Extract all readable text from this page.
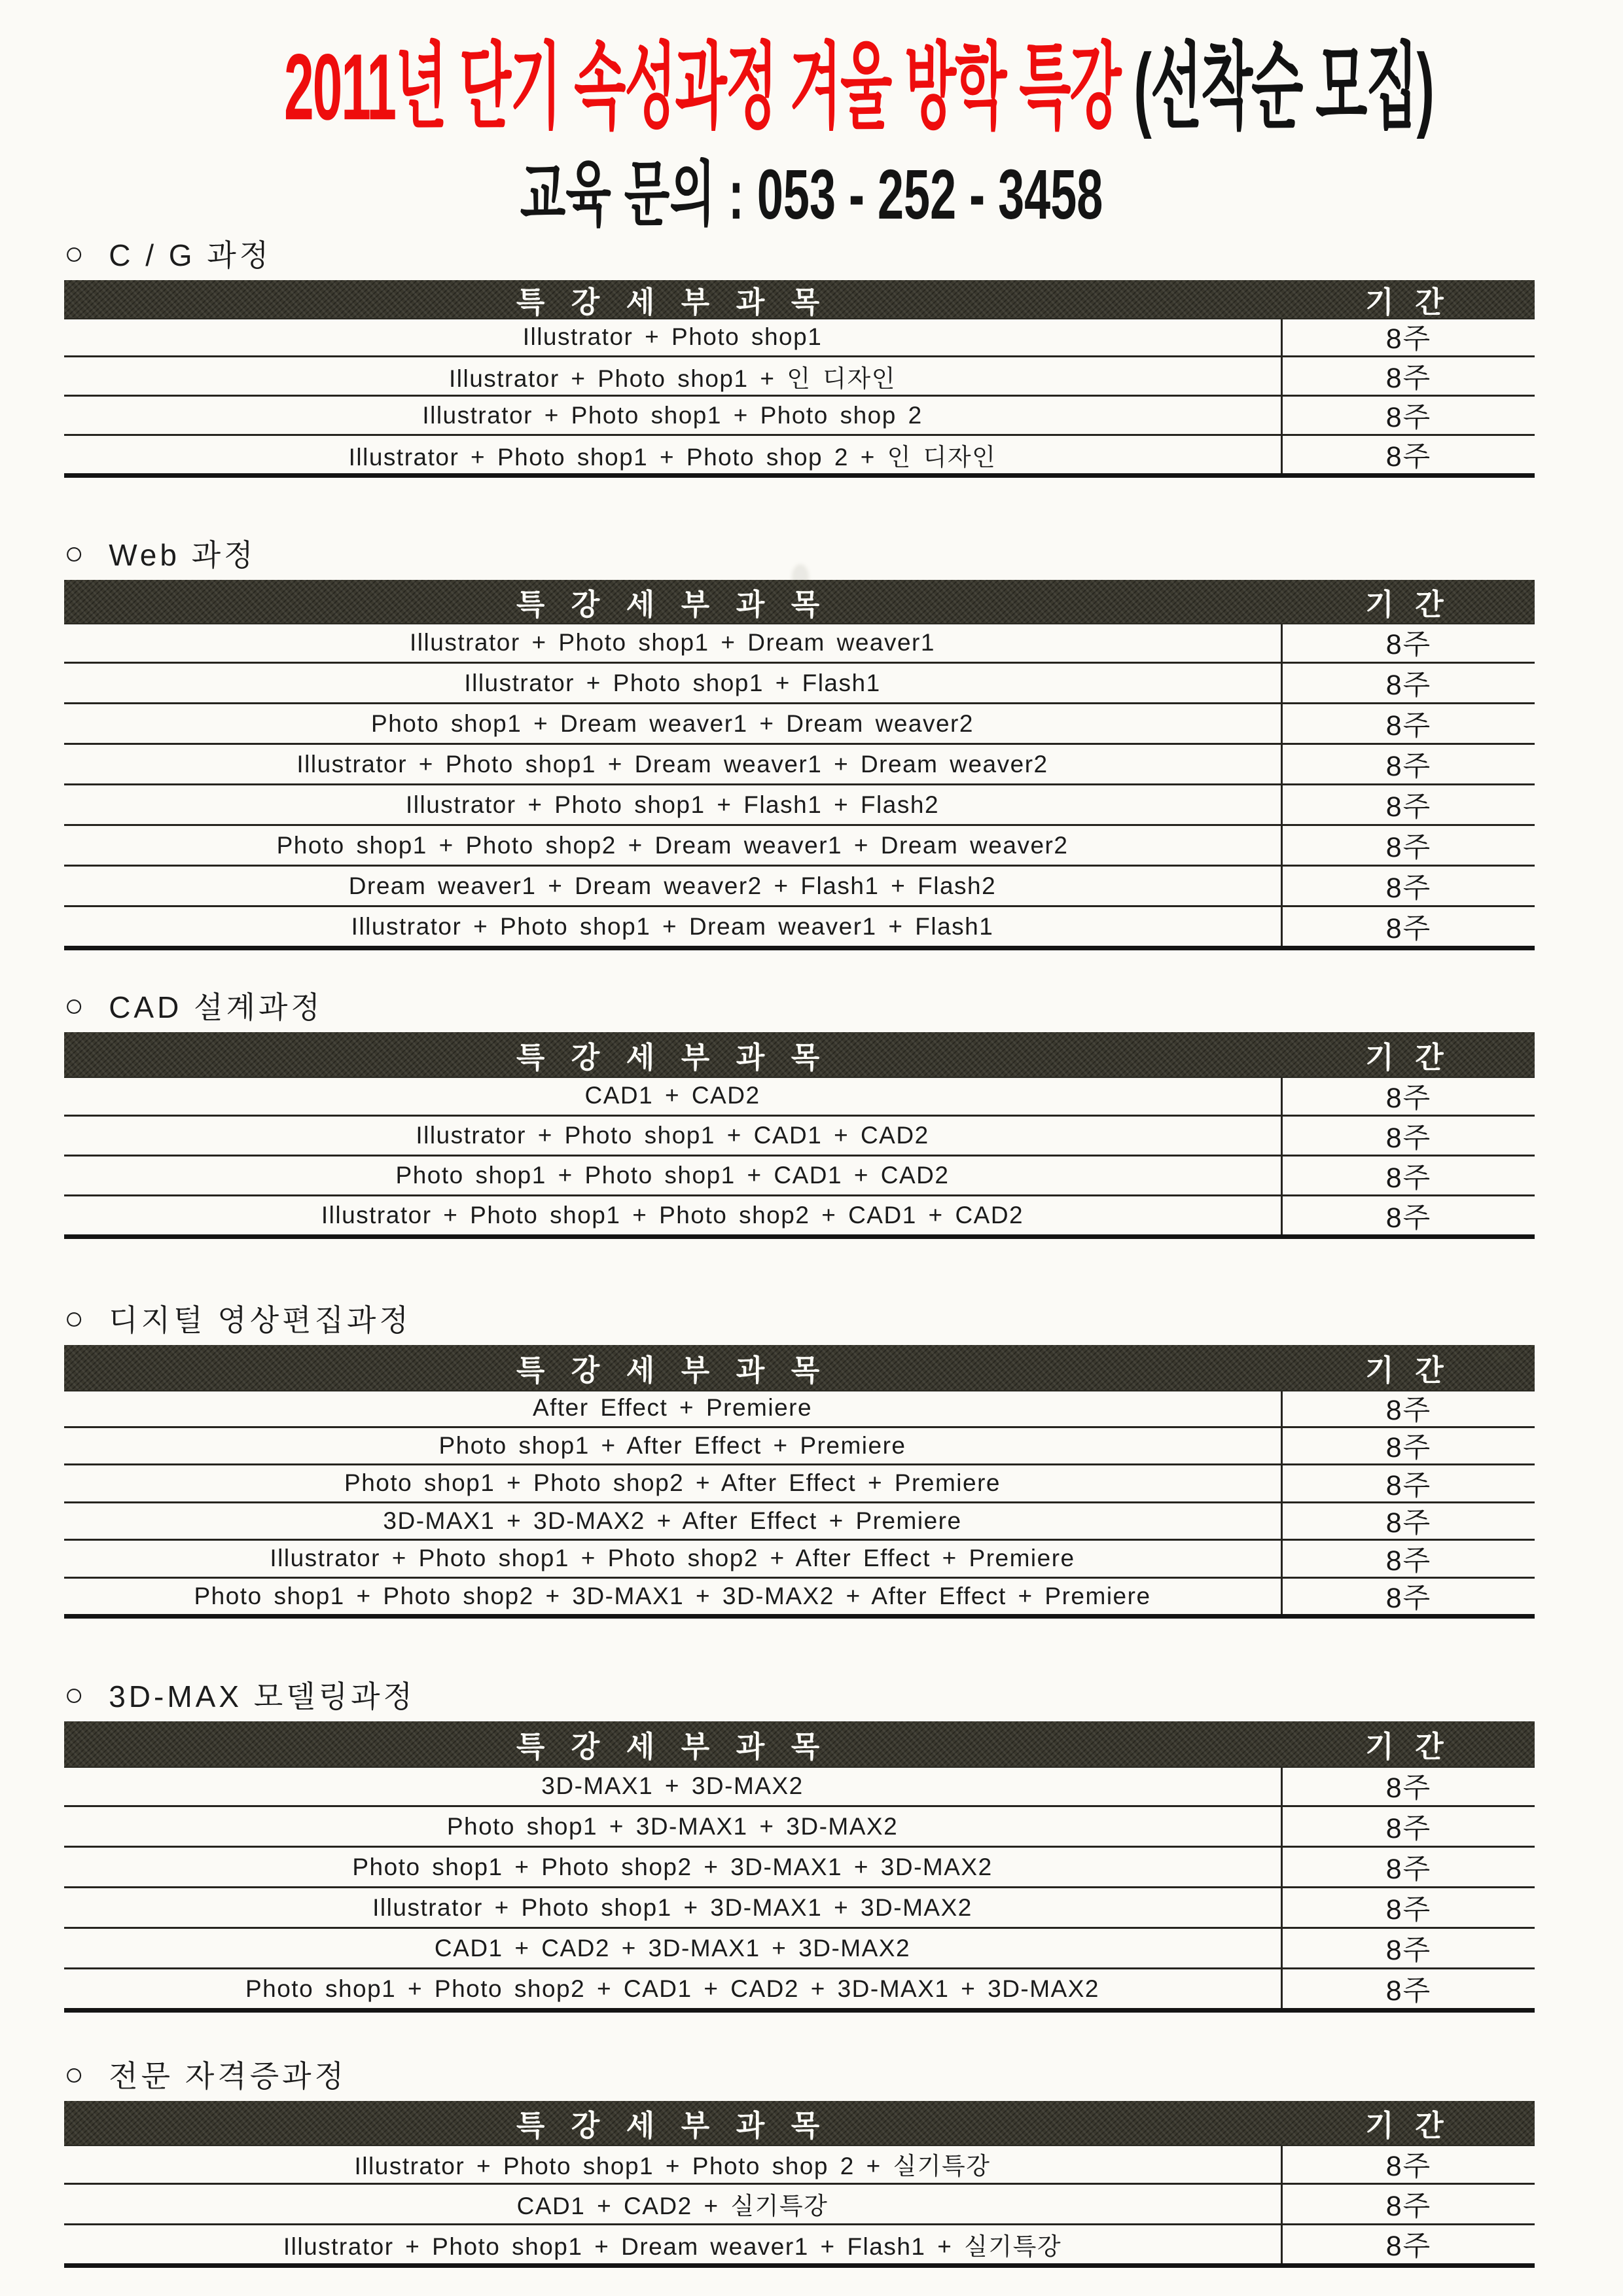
2011년 단기 속성과정 겨울 방학 특강 (선착순 모집)
교육 문의 : 053 - 252 - 3458
○ C / G 과정
특 강 세 부 과 목	기 간
Illustrator + Photo shop1	8주
Illustrator + Photo shop1 + 인 디자인	8주
Illustrator + Photo shop1 + Photo shop 2	8주
Illustrator + Photo shop1 + Photo shop 2 + 인 디자인	8주
○ Web 과정
특 강 세 부 과 목	기 간
Illustrator + Photo shop1 + Dream weaver1	8주
Illustrator + Photo shop1 + Flash1	8주
Photo shop1 + Dream weaver1 + Dream weaver2	8주
Illustrator + Photo shop1 + Dream weaver1 + Dream weaver2	8주
Illustrator + Photo shop1 + Flash1 + Flash2	8주
Photo shop1 + Photo shop2 + Dream weaver1 + Dream weaver2	8주
Dream weaver1 + Dream weaver2 + Flash1 + Flash2	8주
Illustrator + Photo shop1 + Dream weaver1 + Flash1	8주
○ CAD 설계과정
특 강 세 부 과 목	기 간
CAD1 + CAD2	8주
Illustrator + Photo shop1 + CAD1 + CAD2	8주
Photo shop1 + Photo shop1 + CAD1 + CAD2	8주
Illustrator + Photo shop1 + Photo shop2 + CAD1 + CAD2	8주
○ 디지털 영상편집과정
특 강 세 부 과 목	기 간
After Effect + Premiere	8주
Photo shop1 + After Effect + Premiere	8주
Photo shop1 + Photo shop2 + After Effect + Premiere	8주
3D-MAX1 + 3D-MAX2 + After Effect + Premiere	8주
Illustrator + Photo shop1 + Photo shop2 + After Effect + Premiere	8주
Photo shop1 + Photo shop2 + 3D-MAX1 + 3D-MAX2 + After Effect + Premiere	8주
○ 3D-MAX 모델링과정
특 강 세 부 과 목	기 간
3D-MAX1 + 3D-MAX2	8주
Photo shop1 + 3D-MAX1 + 3D-MAX2	8주
Photo shop1 + Photo shop2 + 3D-MAX1 + 3D-MAX2	8주
Illustrator + Photo shop1 + 3D-MAX1 + 3D-MAX2	8주
CAD1 + CAD2 + 3D-MAX1 + 3D-MAX2	8주
Photo shop1 + Photo shop2 + CAD1 + CAD2 + 3D-MAX1 + 3D-MAX2	8주
○ 전문 자격증과정
특 강 세 부 과 목	기 간
Illustrator + Photo shop1 + Photo shop 2 + 실기특강	8주
CAD1 + CAD2 + 실기특강	8주
Illustrator + Photo shop1 + Dream weaver1 + Flash1 + 실기특강	8주
